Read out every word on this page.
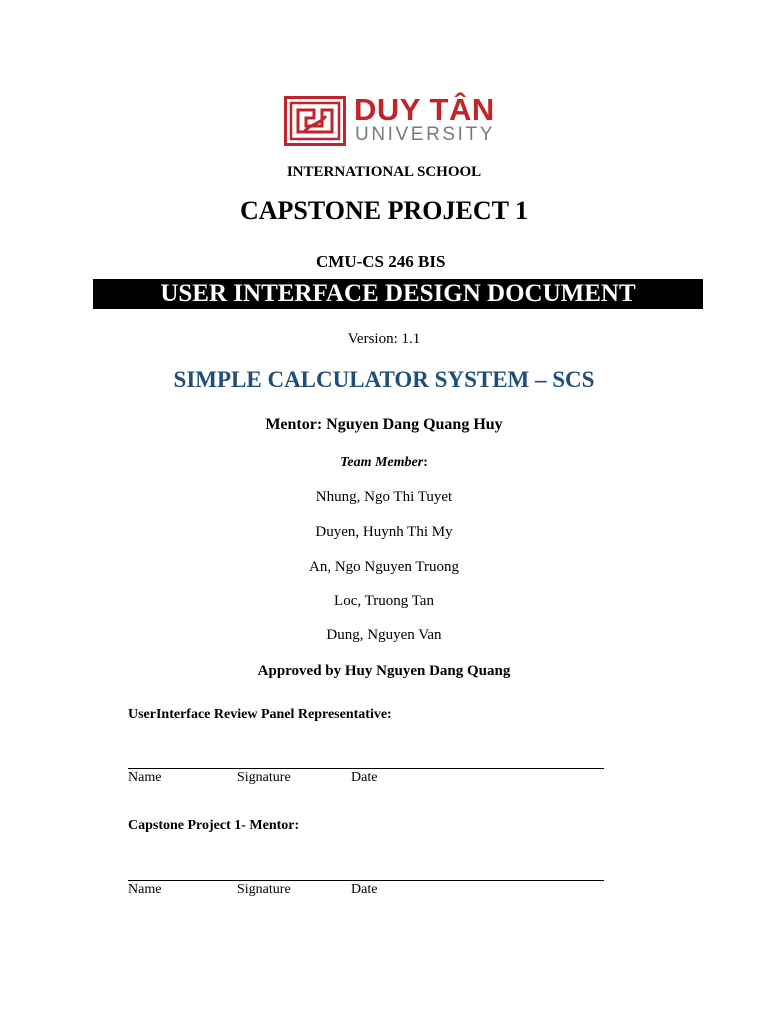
DUY TÂN
UNIVERSITY
INTERNATIONAL SCHOOL
CAPSTONE PROJECT 1
CMU-CS 246 BIS
USER INTERFACE DESIGN DOCUMENT
Version: 1.1
SIMPLE CALCULATOR SYSTEM – SCS
Mentor: Nguyen Dang Quang Huy
Team Member:
Nhung, Ngo Thi Tuyet
Duyen, Huynh Thi My
An, Ngo Nguyen Truong
Loc, Truong Tan
Dung, Nguyen Van
Approved by Huy Nguyen Dang Quang
UserInterface Review Panel Representative:
Name	Signature	Date
Capstone Project 1- Mentor:
Name	Signature	Date
